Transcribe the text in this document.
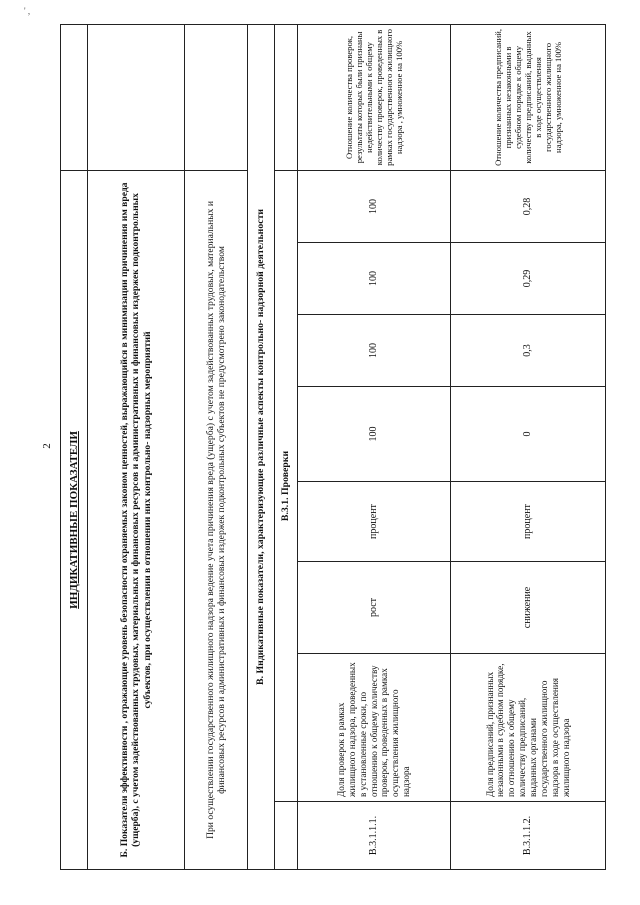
' ,
2 ИНДИКАТИВНЫЕ ПОКАЗАТЕЛИ								
Б. Показатели эффективности , отражающие уровень безопасности охраняемых законом ценностей, выражающийся в минимизации причинения им вреда (ущерба), с учетом задействованных трудовых, материальных и финансовых ресурсов и административных и финансовых издержек подконтрольных субъектов, при осуществлении в отношении них контрольно- надзорных мероприятий								
При осуществлении государственного жилищного надзора ведение учета причинения вреда (ущерба) с учетом задействованных трудовых, материальных и финансовых ресурсов и административных и финансовых издержек подконтрольных субъектов не предусмотрено законодательством								
В. Индикативные показатели, характеризующие различные аспекты контрольно- надзорной деятельности								
	В.3.1. Проверки							
В.3.1.1.1.	Доля проверок в рамках жилищного надзора, проведенных в установленные сроки, по отношению к общему количеству проверок, проведенных в рамках осуществления жилищного надзора	рост	процент	100	100	100	100	Отношение количества проверок, результаты которых были признаны недействительными к общему количеству проверок, проведенных в рамках государственного жилищного надзора , умноженное на 100%
В.3.1.1.2.	Доля предписаний, признанных незаконными в судебном порядке, по отношению к общему количеству предписаний, выданных органами государственного жилищного надзора в ходе осуществления жилищного надзора	снижение	процент	0	0,3	0,29	0,28	Отношение количества предписаний, признанных незаконными в судебном порядке к общему количеству предписаний, выданных в ходе осуществления государственного жилищного надзора, умноженное на 100%
